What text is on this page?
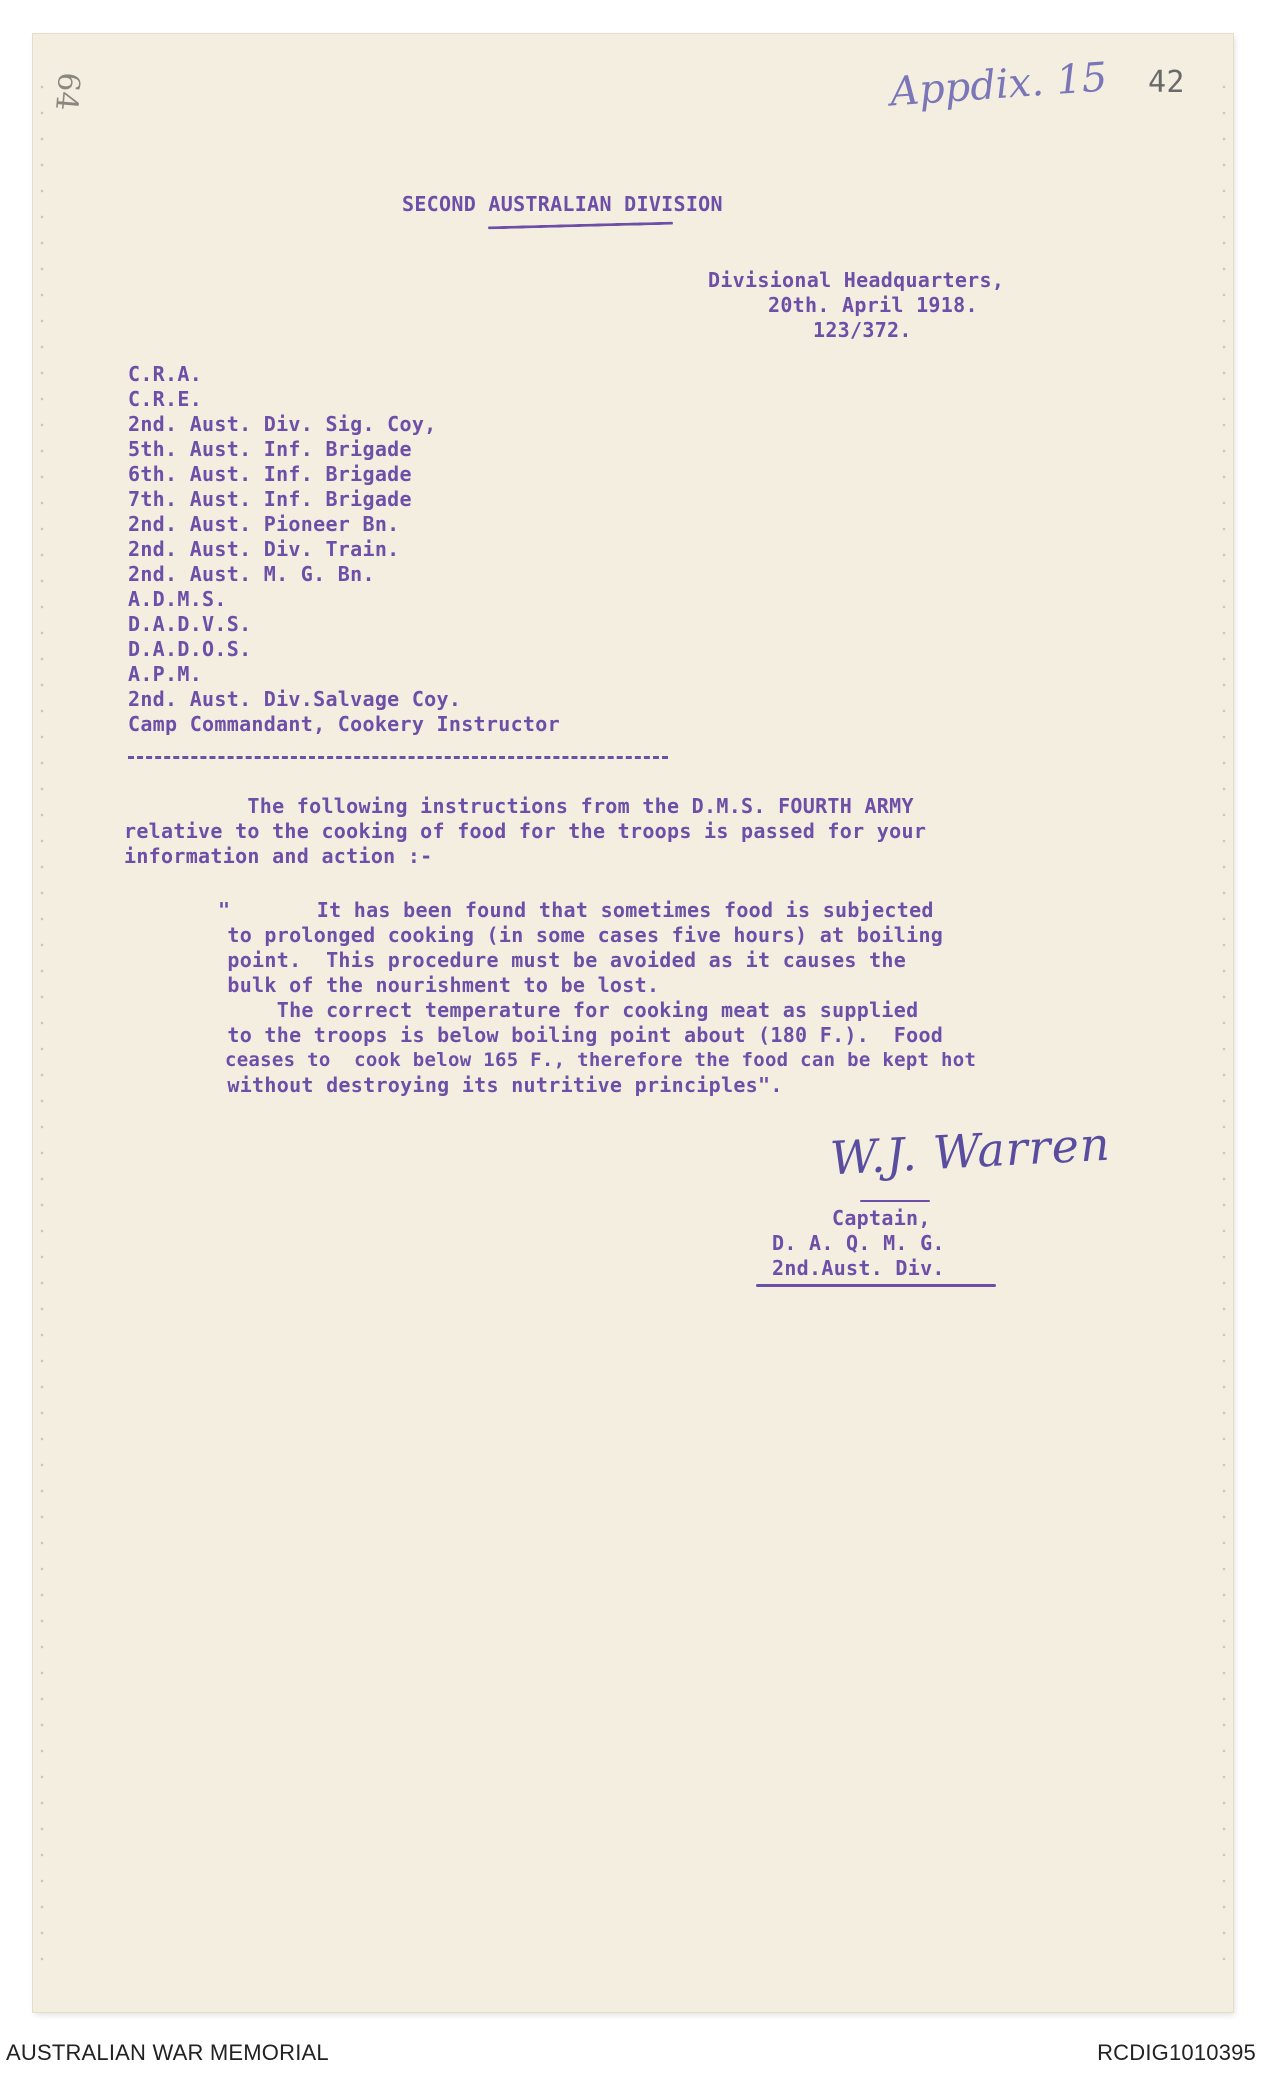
64	Appdix. 15 42
SECOND AUSTRALIAN DIVISION
Divisional Headquarters,
20th. April 1918.
123/372.
C.R.A.
C.R.E.
2nd. Aust. Div. Sig. Coy,
5th. Aust. Inf. Brigade
6th. Aust. Inf. Brigade
7th. Aust. Inf. Brigade
2nd. Aust. Pioneer Bn.
2nd. Aust. Div. Train.
2nd. Aust. M. G. Bn.
A.D.M.S.
D.A.D.V.S.
D.A.D.O.S.
A.P.M.
2nd. Aust. Div.Salvage Coy.
Camp Commandant, Cookery Instructor
The following instructions from the D.M.S. FOURTH ARMY
relative to the cooking of food for the troops is passed for your
information and action :-
"       It has been found that sometimes food is subjected
to prolonged cooking (in some cases five hours) at boiling
point.  This procedure must be avoided as it causes the
bulk of the nourishment to be lost.
The correct temperature for cooking meat as supplied
to the troops is below boiling point about (180 F.).  Food
ceases to  cook below 165 F., therefore the food can be kept hot
without destroying its nutritive principles".
W.J. Warren
Captain,
D. A. Q. M. G.
2nd.Aust. Div.
AUSTRALIAN WAR MEMORIAL	RCDIG1010395
